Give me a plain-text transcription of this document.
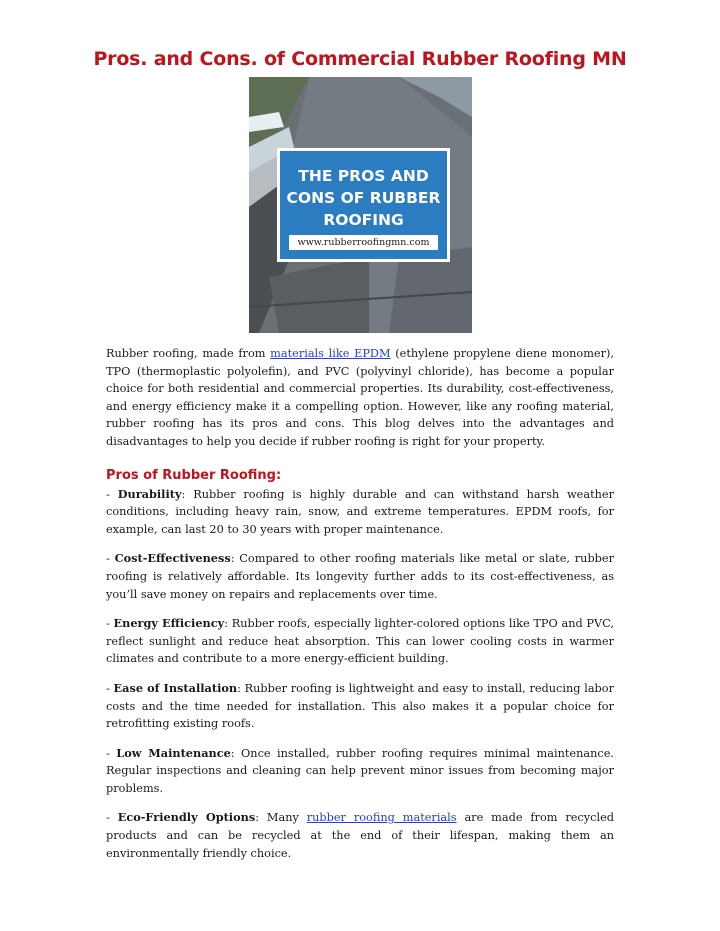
Pros. and Cons. of Commercial Rubber Roofing MN
THE PROS AND
CONS OF RUBBER
ROOFING
www.rubberroofingmn.com

Rubber roofing, made from materials like EPDM (ethylene propylene diene monomer), TPO (thermoplastic polyolefin), and PVC (polyvinyl chloride), has become a popular choice for both residential and commercial properties. Its durability, cost-effectiveness, and energy efficiency make it a compelling option. However, like any roofing material, rubber roofing has its pros and cons. This blog delves into the advantages and disadvantages to help you decide if rubber roofing is right for your property.

Pros of Rubber Roofing:
- Durability: Rubber roofing is highly durable and can withstand harsh weather conditions, including heavy rain, snow, and extreme temperatures. EPDM roofs, for example, can last 20 to 30 years with proper maintenance.
- Cost-Effectiveness: Compared to other roofing materials like metal or slate, rubber roofing is relatively affordable. Its longevity further adds to its cost-effectiveness, as you’ll save money on repairs and replacements over time.
- Energy Efficiency: Rubber roofs, especially lighter-colored options like TPO and PVC, reflect sunlight and reduce heat absorption. This can lower cooling costs in warmer climates and contribute to a more energy-efficient building.
- Ease of Installation: Rubber roofing is lightweight and easy to install, reducing labor costs and the time needed for installation. This also makes it a popular choice for retrofitting existing roofs.
- Low Maintenance: Once installed, rubber roofing requires minimal maintenance. Regular inspections and cleaning can help prevent minor issues from becoming major problems.
- Eco-Friendly Options: Many rubber roofing materials are made from recycled products and can be recycled at the end of their lifespan, making them an environmentally friendly choice.
